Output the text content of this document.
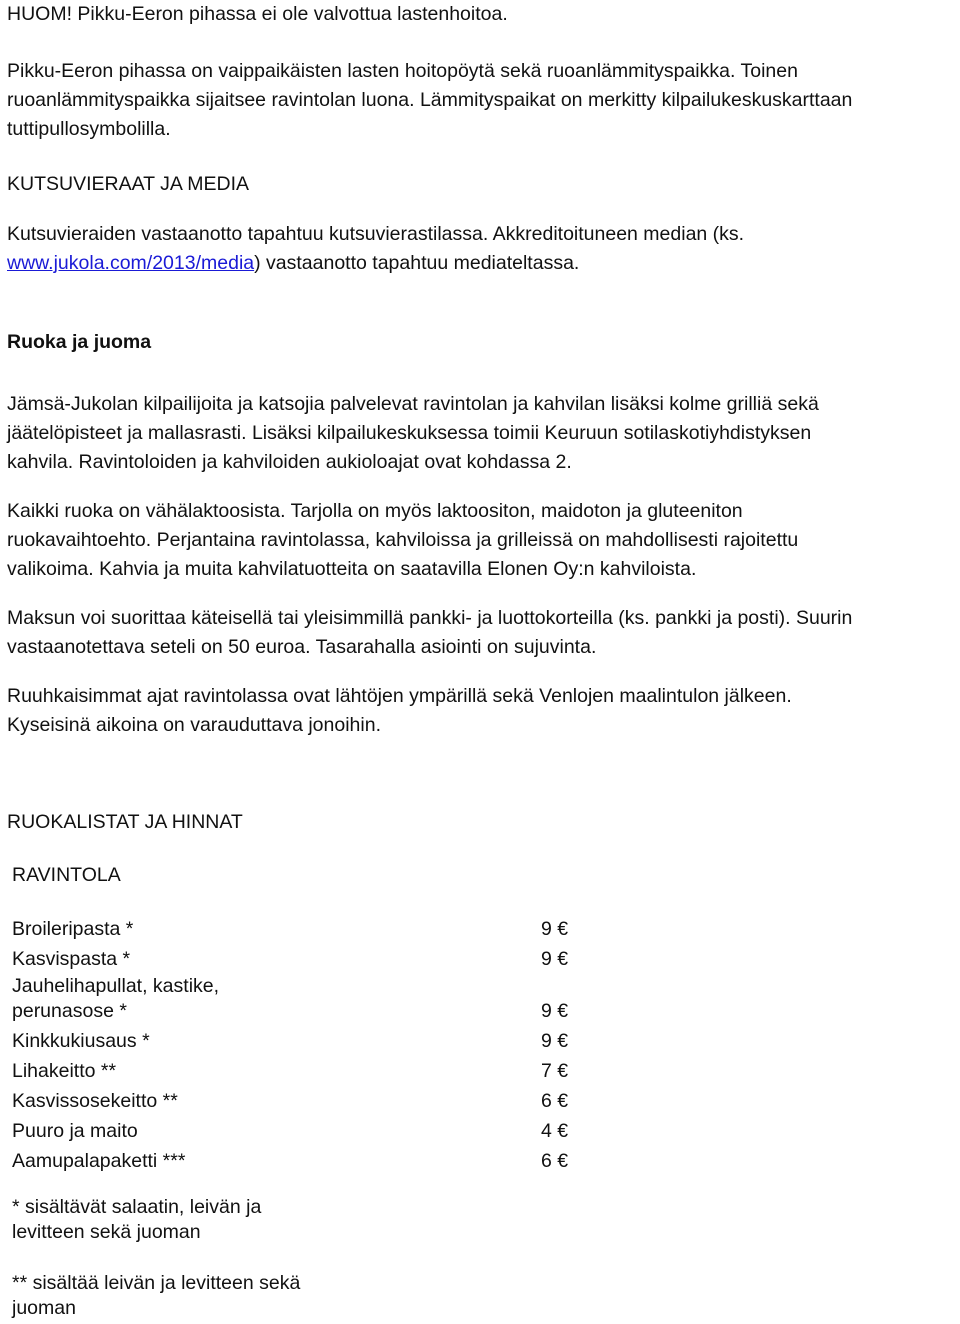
HUOM! Pikku-Eeron pihassa ei ole valvottua lastenhoitoa.

Pikku-Eeron pihassa on vaippaikäisten lasten hoitopöytä sekä ruoanlämmityspaikka. Toinen
ruoanlämmityspaikka sijaitsee ravintolan luona. Lämmityspaikat on merkitty kilpailukeskuskarttaan
tuttipullosymbolilla.

KUTSUVIERAAT JA MEDIA

Kutsuvieraiden vastaanotto tapahtuu kutsuvierastilassa. Akkreditoituneen median (ks.
www.jukola.com/2013/media) vastaanotto tapahtuu mediateltassa.

Ruoka ja juoma

Jämsä-Jukolan kilpailijoita ja katsojia palvelevat ravintolan ja kahvilan lisäksi kolme grilliä sekä
jäätelöpisteet ja mallasrasti. Lisäksi kilpailukeskuksessa toimii Keuruun sotilaskotiyhdistyksen
kahvila. Ravintoloiden ja kahviloiden aukioloajat ovat kohdassa 2.

Kaikki ruoka on vähälaktoosista. Tarjolla on myös laktoositon, maidoton ja gluteeniton
ruokavaihtoehto. Perjantaina ravintolassa, kahviloissa ja grilleissä on mahdollisesti rajoitettu
valikoima. Kahvia ja muita kahvilatuotteita on saatavilla Elonen Oy:n kahviloista.

Maksun voi suorittaa käteisellä tai yleisimmillä pankki- ja luottokorteilla (ks. pankki ja posti). Suurin
vastaanotettava seteli on 50 euroa. Tasarahalla asiointi on sujuvinta.

Ruuhkaisimmat ajat ravintolassa ovat lähtöjen ympärillä sekä Venlojen maalintulon jälkeen.
Kyseisinä aikoina on varauduttava jonoihin.

RUOKALISTAT JA HINNAT

RAVINTOLA

Broileripasta *	9 €
Kasvispasta *	9 €
Jauhelihapullat, kastike,
perunasose *	9 €
Kinkkukiusaus *	9 €
Lihakeitto **	7 €
Kasvissosekeitto **	6 €
Puuro ja maito	4 €
Aamupalapaketti ***	6 €

* sisältävät salaatin, leivän ja
levitteen sekä juoman

** sisältää leivän ja levitteen sekä
juoman
